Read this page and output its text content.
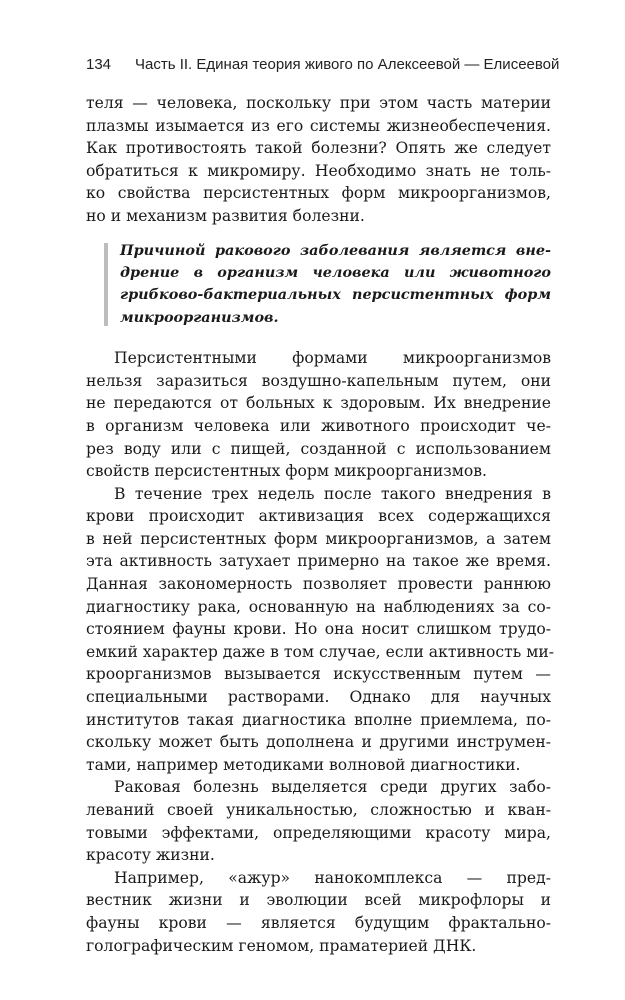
134 Часть II. Единая теория живого по Алексеевой — Елисеевой
теля — человека, поскольку при этом часть материи
плазмы изымается из его системы жизнеобеспечения.
Как противостоять такой болезни? Опять же следует
обратиться к микромиру. Необходимо знать не толь-
ко свойства персистентных форм микроорганизмов,
но и механизм развития болезни.
Причиной ракового заболевания является вне-
дрение в организм человека или животного
грибково-бактериальных персистентных форм
микроорганизмов.
Персистентными формами микроорганизмов
нельзя заразиться воздушно-капельным путем, они
не передаются от больных к здоровым. Их внедрение
в организм человека или животного происходит че-
рез воду или с пищей, созданной с использованием
свойств персистентных форм микроорганизмов.
В течение трех недель после такого внедрения в
крови происходит активизация всех содержащихся
в ней персистентных форм микроорганизмов, а затем
эта активность затухает примерно на такое же время.
Данная закономерность позволяет провести раннюю
диагностику рака, основанную на наблюдениях за со-
стоянием фауны крови. Но она носит слишком трудо-
емкий характер даже в том случае, если активность ми-
кроорганизмов вызывается искусственным путем —
специальными растворами. Однако для научных
институтов такая диагностика вполне приемлема, по-
скольку может быть дополнена и другими инструмен-
тами, например методиками волновой диагностики.
Раковая болезнь выделяется среди других забо-
леваний своей уникальностью, сложностью и кван-
товыми эффектами, определяющими красоту мира,
красоту жизни.
Например, «ажур» нанокомплекса — пред-
вестник жизни и эволюции всей микрофлоры и
фауны крови — является будущим фрактально-
голографическим геномом, праматерией ДНК.
